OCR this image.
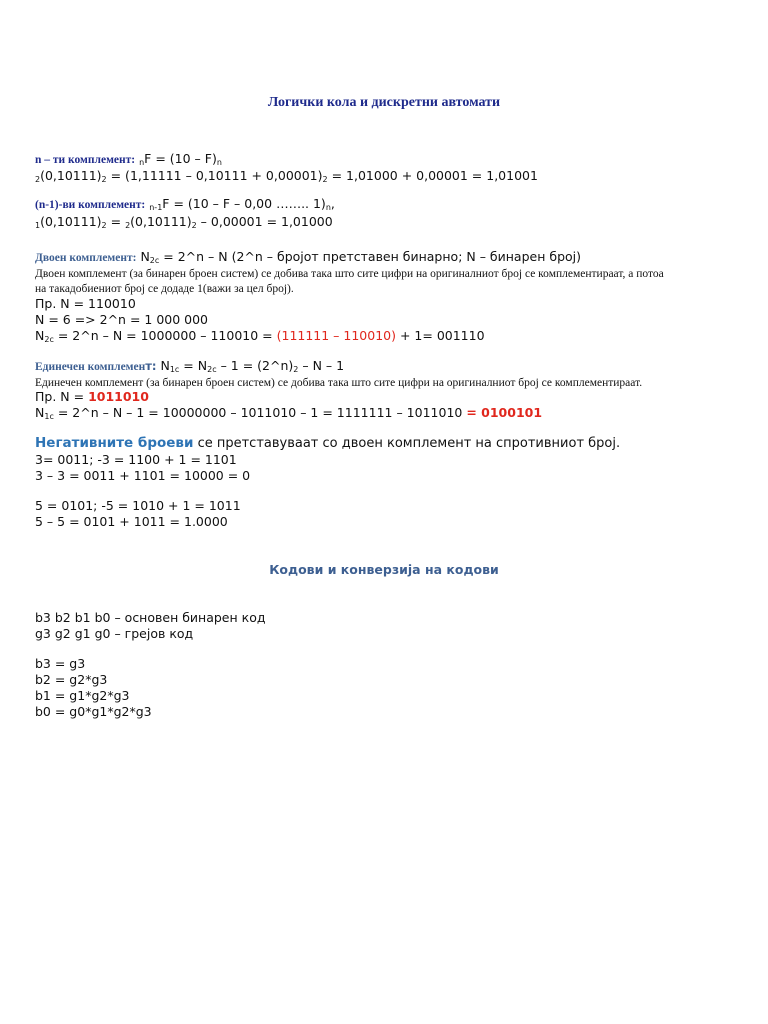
Логички кола и дискретни автомати
n – ти комплемент: $_nF = (10 - F)_n$
$_2(0,10111)_2 = (1,11111 - 0,10111 + 0,00001)_2 = 1,01000 + 0,00001 = 1,01001$
(n-1)-ви комплемент: $_{n-1}$F = (10 – F – 0,00 …….. $1)_n$,
$_1(0,10111)_2 = _2(0,10111)_2 - 0,00001 = 1,01000$
Двоен комплемент: $N_{2c}$ = 2^n – N (2^n – бројот претставен бинарно; N – бинарен број)
Двоен комплемент (за бинарен броен систем) се добива така што сите цифри на оригиналниот број се комплементираат, а потоа
на такадобиениот број се додаде 1(важи за цел број).
Пр. N = 110010
N = 6 => 2^n = 1 000 000
$N_{2c}$ = 2^n – N = 1000000 – 110010 = (111111 – 110010) + 1= 001110
Единечен комплемент: $N_{1c} = N_{2c} - 1$ = $(2\^{}n)_2$ – N – 1
Единечен комплемент (за бинарен броен систем) се добива така што сите цифри на оригиналниот број се комплементираат.
Пр. N = 1011010
$N_{1c}$ = 2^n – N – 1 = 10000000 – 1011010 – 1 = 1111111 – 1011010 = 0100101
Негативните броеви се претставуваат со двоен комплемент на спротивниот број.
3= 0011; -3 = 1100 + 1 = 1101
3 – 3 = 0011 + 1101 = 10000 = 0
5 = 0101; -5 = 1010 + 1 = 1011
5 – 5 = 0101 + 1011 = 1.0000
Кодови и конверзија на кодови
b3 b2 b1 b0 – основен бинарен код
g3 g2 g1 g0 – грејов код
b3 = g3
b2 = g2*g3
b1 = g1*g2*g3
b0 = g0*g1*g2*g3
